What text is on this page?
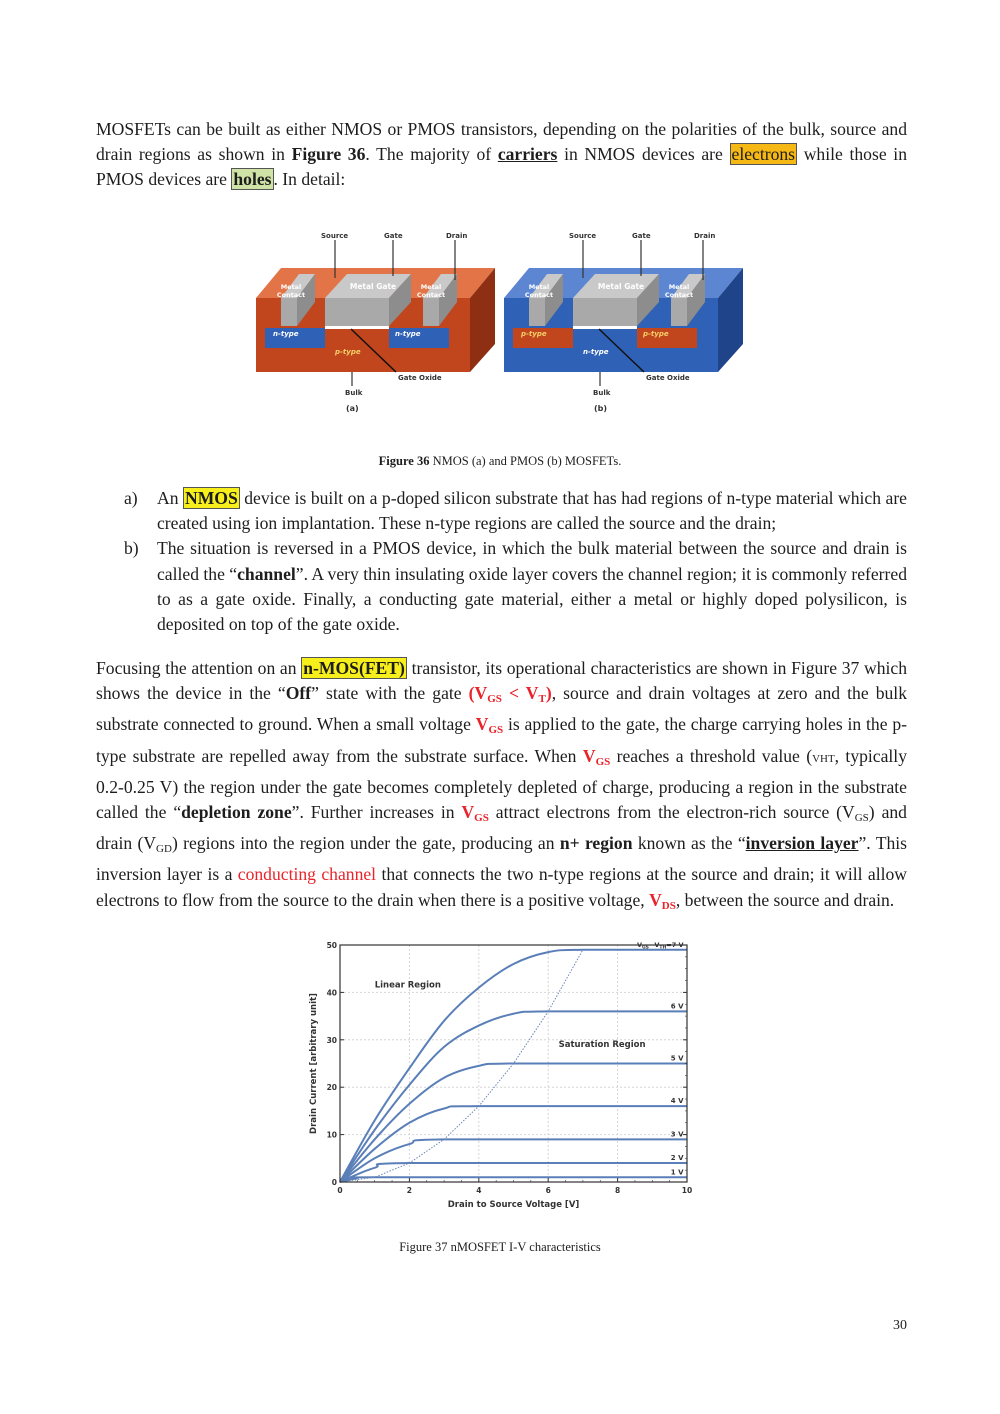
MOSFETs can be built as either NMOS or PMOS transistors, depending on the polarities of the bulk, source and drain regions as shown in Figure 36. The majority of carriers in NMOS devices are electrons while those in PMOS devices are holes . In detail:

Source	Gate	Drain
Metal
Contact
Metal Gate	Metal
Contact
n-type	n-type
p-type
Gate Oxide
Bulk
(a)
Source	Gate	Drain
Metal
Contact
Metal Gate	Metal
Contact
p-type	p-type
n-type
Gate Oxide
Bulk
(b)

Figure 36 NMOS (a) and PMOS (b) MOSFETs.

a) An NMOS device is built on a p-doped silicon substrate that has had regions of n-type material which are created using ion implantation. These n-type regions are called the source and the drain;
b) The situation is reversed in a PMOS device, in which the bulk material between the source and drain is called the “channel”. A very thin insulating oxide layer covers the channel region; it is commonly referred to as a gate oxide. Finally, a conducting gate material, either a metal or highly doped polysilicon, is deposited on top of the gate oxide.

Focusing the attention on an n-MOS(FET) transistor, its operational characteristics are shown in Figure 37 which shows the device in the “Off” state with the gate $(V_{GS} < V_T)$, source and drain voltages at zero and the bulk substrate connected to ground. When a small voltage $V_{GS}$ is applied to the gate, the charge carrying holes in the p-type substrate are repelled away from the substrate surface. When $V_{GS}$ reaches a threshold value (VHT, typically 0.2-0.25 V) the region under the gate becomes completely depleted of charge, producing a region in the substrate called the “depletion zone”. Further increases in $V_{GS}$ attract electrons from the electron-rich source $(V_{GS})$ and drain $(V_{GD})$ regions into the region under the gate, producing an n+ region known as the “inversion layer”. This inversion layer is a conducting channel that connects the two n-type regions at the source and drain; it will allow electrons to flow from the source to the drain when there is a positive voltage, $V_{DS}$, between the source and drain.

0	2	4	6	8	10
0
10
20
30
40
50	$V_{GS}-V_{TH}=7$ V
6 V
5 V
4 V
3 V
2 V
1 V
Linear Region
Saturation Region
Drain to Source Voltage [V]
Drain Current [arbitrary unit]

Figure 37 nMOSFET I-V characteristics

30
